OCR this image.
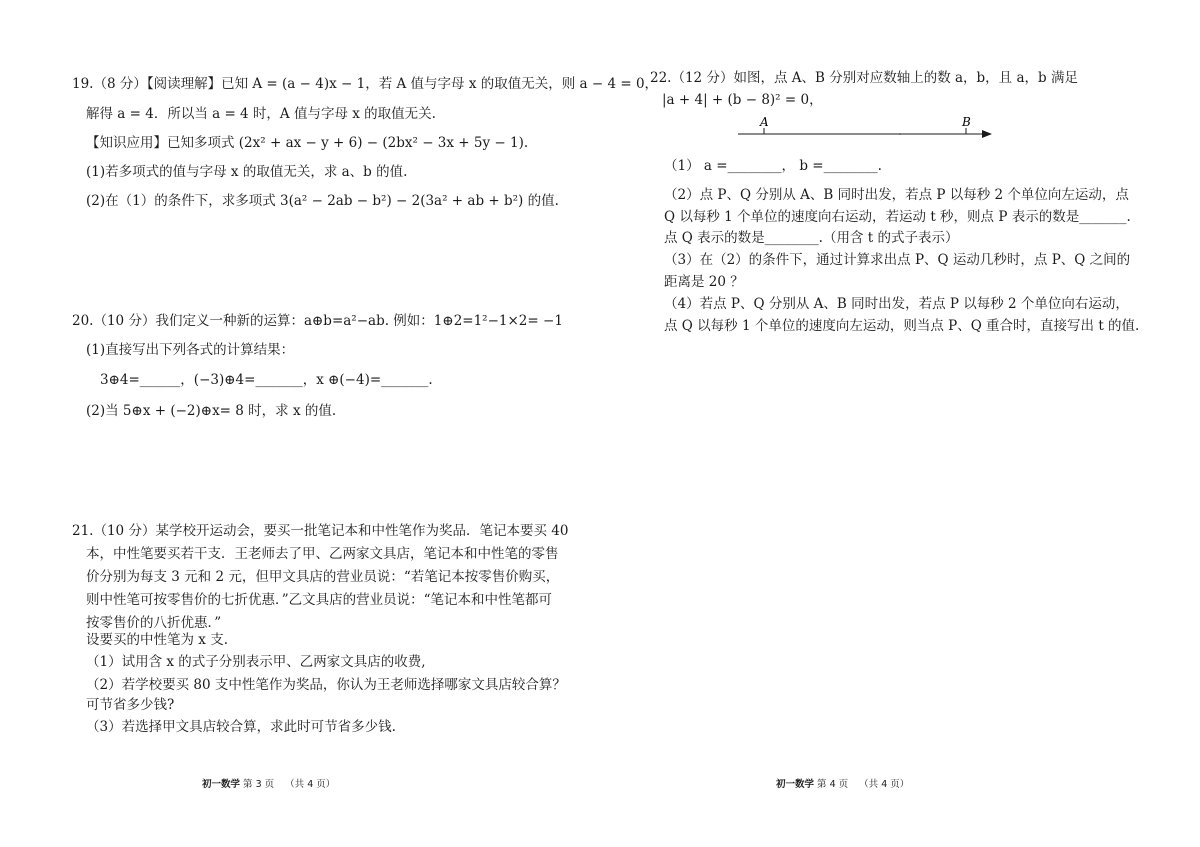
19.（8 分）【阅读理解】已知 A = (a − 4)x − 1，若 A 值与字母 x 的取值无关，则 a − 4 = 0，
解得 a = 4．所以当 a = 4 时，A 值与字母 x 的取值无关.
【知识应用】已知多项式 (2x² + ax − y + 6) − (2bx² − 3x + 5y − 1).
(1)若多项式的值与字母 x 的取值无关，求 a、b 的值.
(2)在（1）的条件下，求多项式 3(a² − 2ab − b²) − 2(3a² + ab + b²) 的值.
20.（10 分）我们定义一种新的运算：a⊕b=a²−ab. 例如：1⊕2=1²−1×2= −1
(1)直接写出下列各式的计算结果：
3⊕4=______，(−3)⊕4=_______，x ⊕(−4)=_______.
(2)当 5⊕x + (−2)⊕x= 8 时，求 x 的值.
21.（10 分）某学校开运动会，要买一批笔记本和中性笔作为奖品．笔记本要买 40
本，中性笔要买若干支．王老师去了甲、乙两家文具店，笔记本和中性笔的零售
价分别为每支 3 元和 2 元，但甲文具店的营业员说：“若笔记本按零售价购买，
则中性笔可按零售价的七折优惠．”乙文具店的营业员说：“笔记本和中性笔都可
按零售价的八折优惠．”
设要买的中性笔为 x 支.
（1）试用含 x 的式子分别表示甲、乙两家文具店的收费,
（2）若学校要买 80 支中性笔作为奖品，你认为王老师选择哪家文具店较合算？
可节省多少钱?
（3）若选择甲文具店较合算，求此时可节省多少钱.
初一数学 第 3 页 （共 4 页）
22.（12 分）如图，点 A、B 分别对应数轴上的数 a，b，且 a，b 满足
|a + 4| + (b − 8)² = 0，
A	B
（1） a =________， b =________.
（2）点 P、Q 分别从 A、B 同时出发，若点 P 以每秒 2 个单位向左运动，点
Q 以每秒 1 个单位的速度向右运动，若运动 t 秒，则点 P 表示的数是_______.
点 Q 表示的数是________.（用含 t 的式子表示）
（3）在（2）的条件下，通过计算求出点 P、Q 运动几秒时，点 P、Q 之间的
距离是 20 ？
（4）若点 P、Q 分别从 A、B 同时出发，若点 P 以每秒 2 个单位向右运动，
点 Q 以每秒 1 个单位的速度向左运动，则当点 P、Q 重合时，直接写出 t 的值.
初一数学 第 4 页 （共 4 页）
